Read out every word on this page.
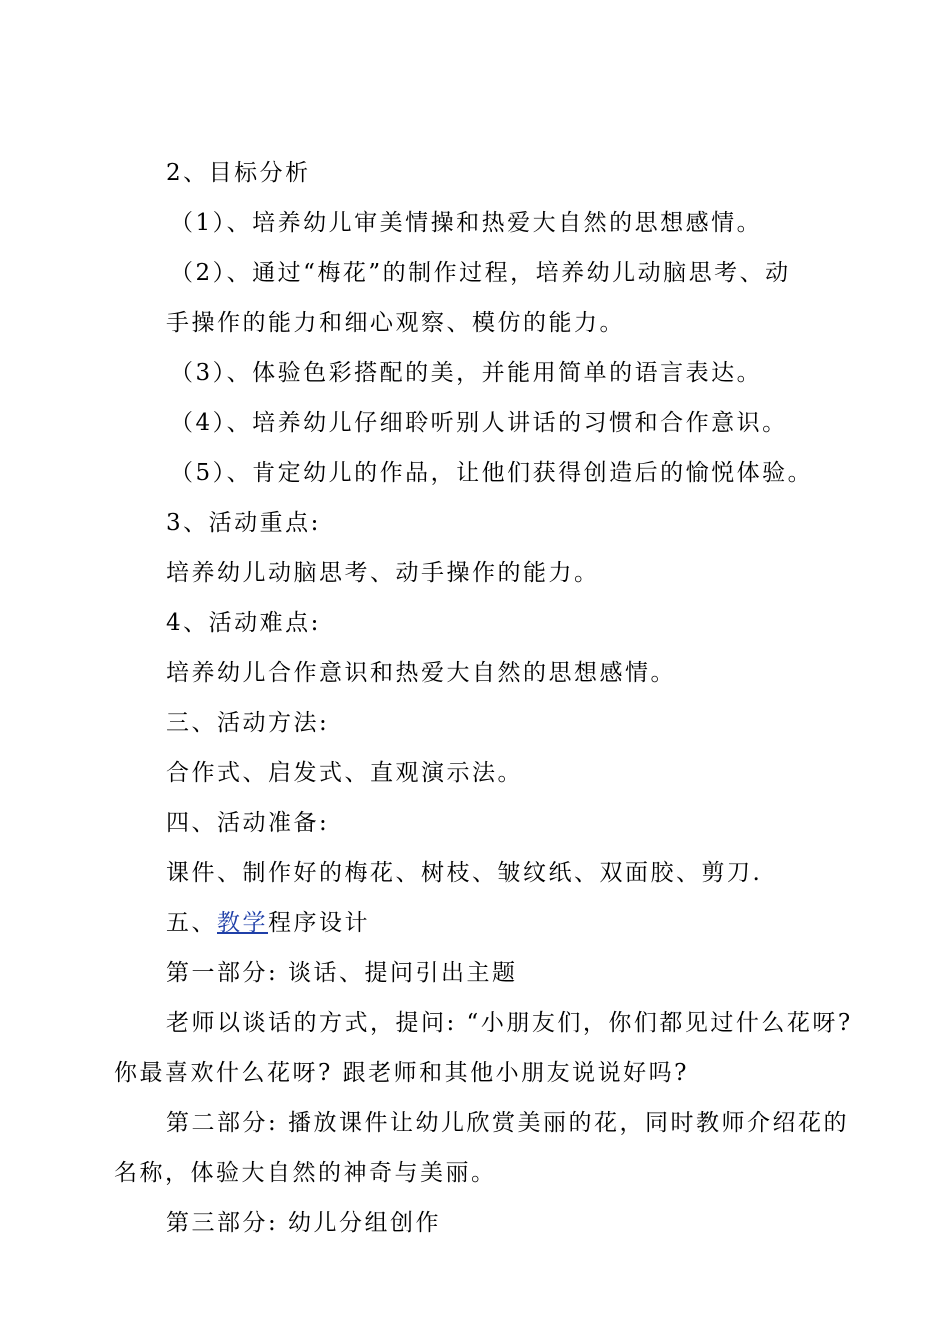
2、目标分析
（1）、培养幼儿审美情操和热爱大自然的思想感情。
（2）、通过“梅花”的制作过程，培养幼儿动脑思考、动
手操作的能力和细心观察、模仿的能力。
（3）、体验色彩搭配的美，并能用简单的语言表达。
（4）、培养幼儿仔细聆听别人讲话的习惯和合作意识。
（5）、肯定幼儿的作品，让他们获得创造后的愉悦体验。
3、活动重点:
培养幼儿动脑思考、动手操作的能力。
4、活动难点:
培养幼儿合作意识和热爱大自然的思想感情。
三、活动方法:
合作式、启发式、直观演示法。
四、活动准备:
课件、制作好的梅花、树枝、皱纹纸、双面胶、剪刀.
五、教学程序设计
第一部分: 谈话、提问引出主题
老师以谈话的方式，提问: “小朋友们，你们都见过什么花呀?
你最喜欢什么花呀? 跟老师和其他小朋友说说好吗?
第二部分: 播放课件让幼儿欣赏美丽的花，同时教师介绍花的
名称，体验大自然的神奇与美丽。
第三部分: 幼儿分组创作
